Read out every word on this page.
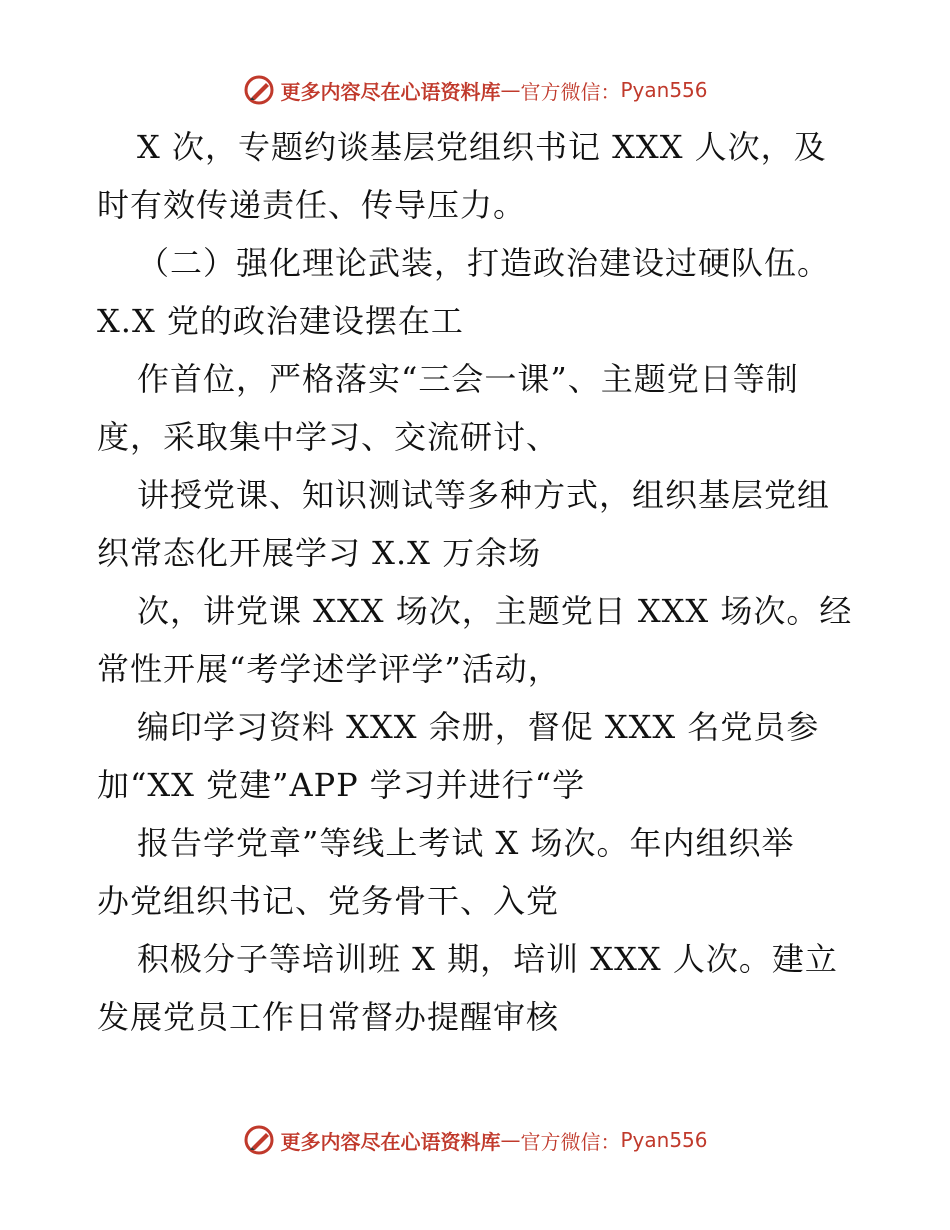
更多内容尽在心语资料库 — 官方微信： Pyan556
X 次，专题约谈基层党组织书记 XXX 人次，及
时有效传递责任、传导压力。
（二）强化理论武装，打造政治建设过硬队伍。
X.X 党的政治建设摆在工
作首位，严格落实“三会一课”、主题党日等制
度，采取集中学习、交流研讨、
讲授党课、知识测试等多种方式，组织基层党组
织常态化开展学习 X.X 万余场
次，讲党课 XXX 场次，主题党日 XXX 场次。经
常性开展“考学述学评学”活动，
编印学习资料 XXX 余册，督促 XXX 名党员参
加“XX 党建”APP 学习并进行“学
报告学党章”等线上考试 X 场次。年内组织举
办党组织书记、党务骨干、入党
积极分子等培训班 X 期，培训 XXX 人次。建立
发展党员工作日常督办提醒审核
更多内容尽在心语资料库 — 官方微信： Pyan556
